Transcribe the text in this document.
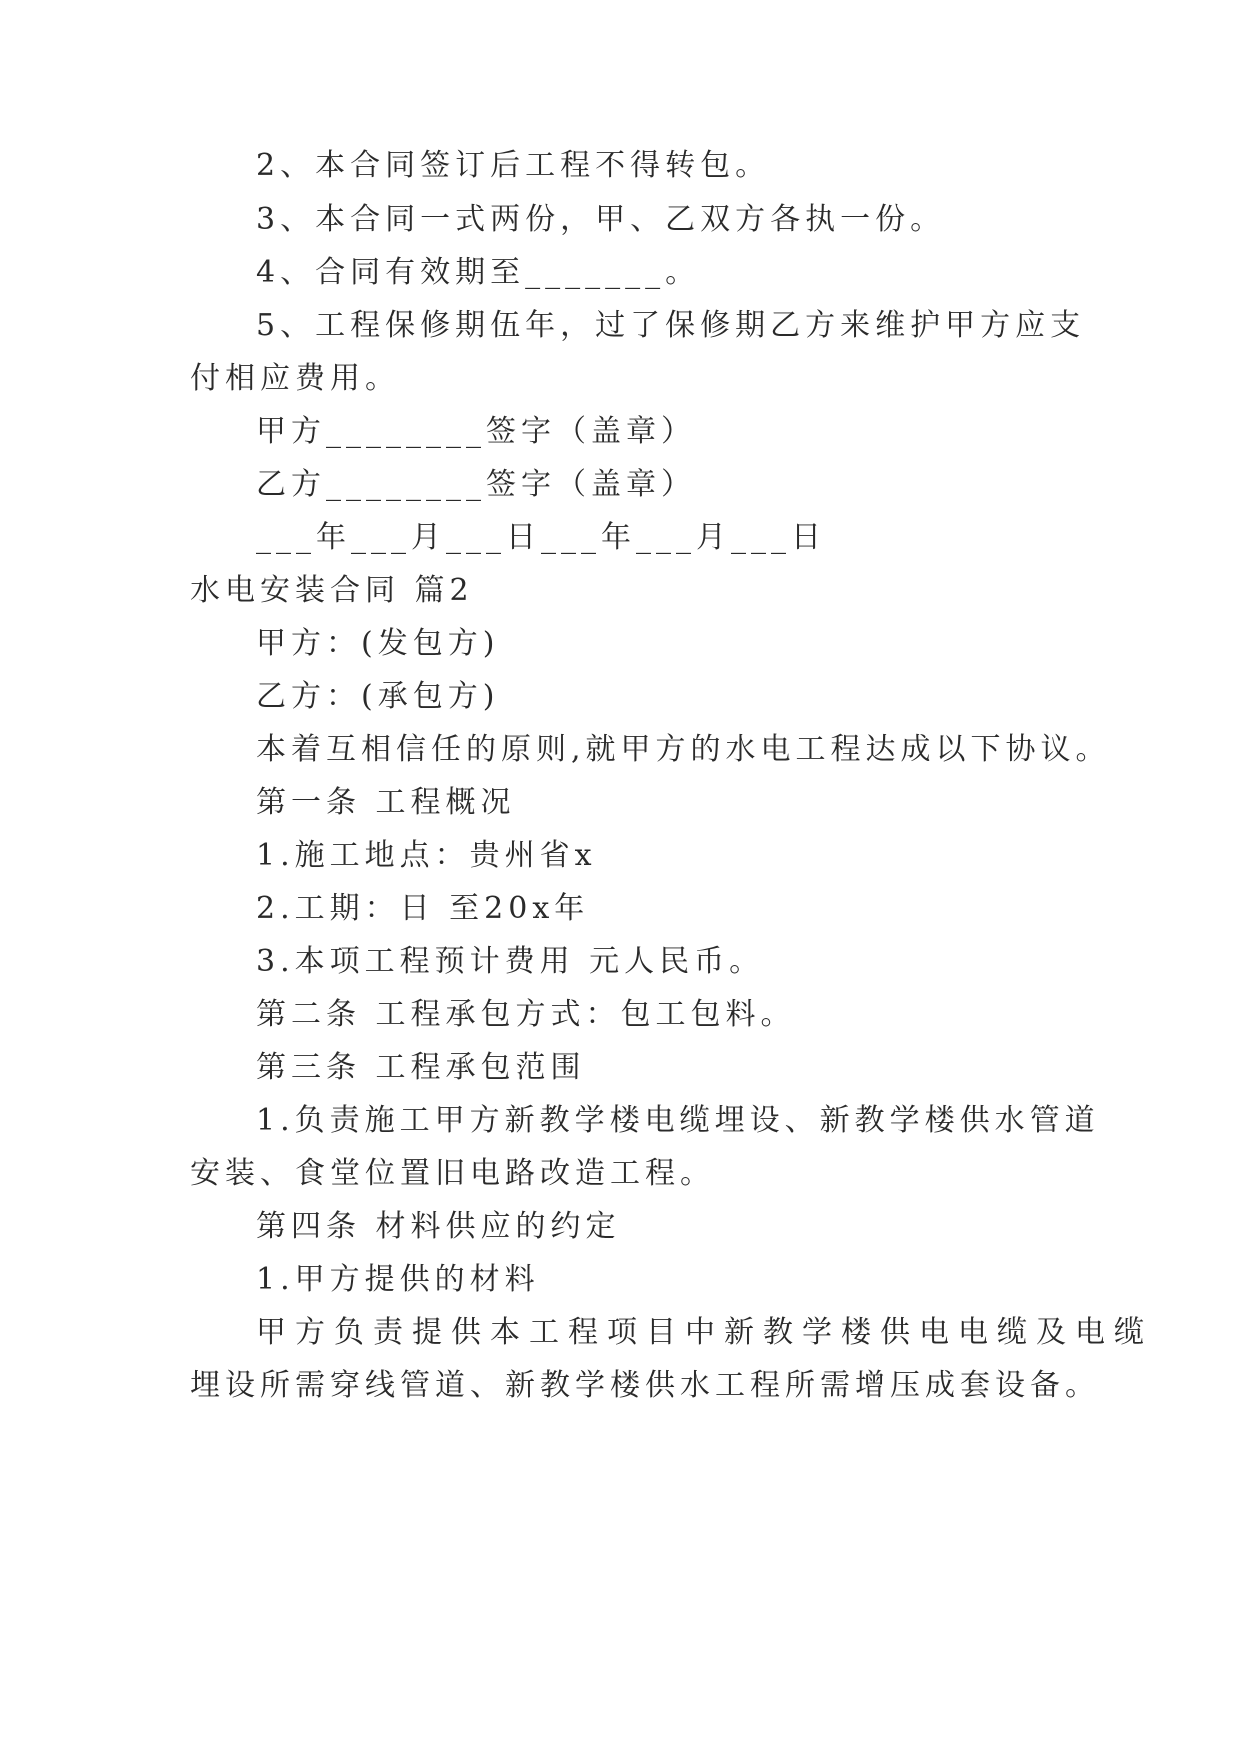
2、本合同签订后工程不得转包。
3、本合同一式两份，甲、乙双方各执一份。
4、合同有效期至_______。
5、工程保修期伍年，过了保修期乙方来维护甲方应支
付相应费用。
甲方________签字（盖章）
乙方________签字（盖章）
___年___月___日___年___月___日
水电安装合同 篇2
甲方：(发包方)
乙方：(承包方)
本着互相信任的原则,就甲方的水电工程达成以下协议。
第一条 工程概况
1.施工地点：贵州省x
2.工期：日 至20x年
3.本项工程预计费用 元人民币。
第二条 工程承包方式：包工包料。
第三条 工程承包范围
1.负责施工甲方新教学楼电缆埋设、新教学楼供水管道
安装、食堂位置旧电路改造工程。
第四条 材料供应的约定
1.甲方提供的材料
甲方负责提供本工程项目中新教学楼供电电缆及电缆
埋设所需穿线管道、新教学楼供水工程所需增压成套设备。
